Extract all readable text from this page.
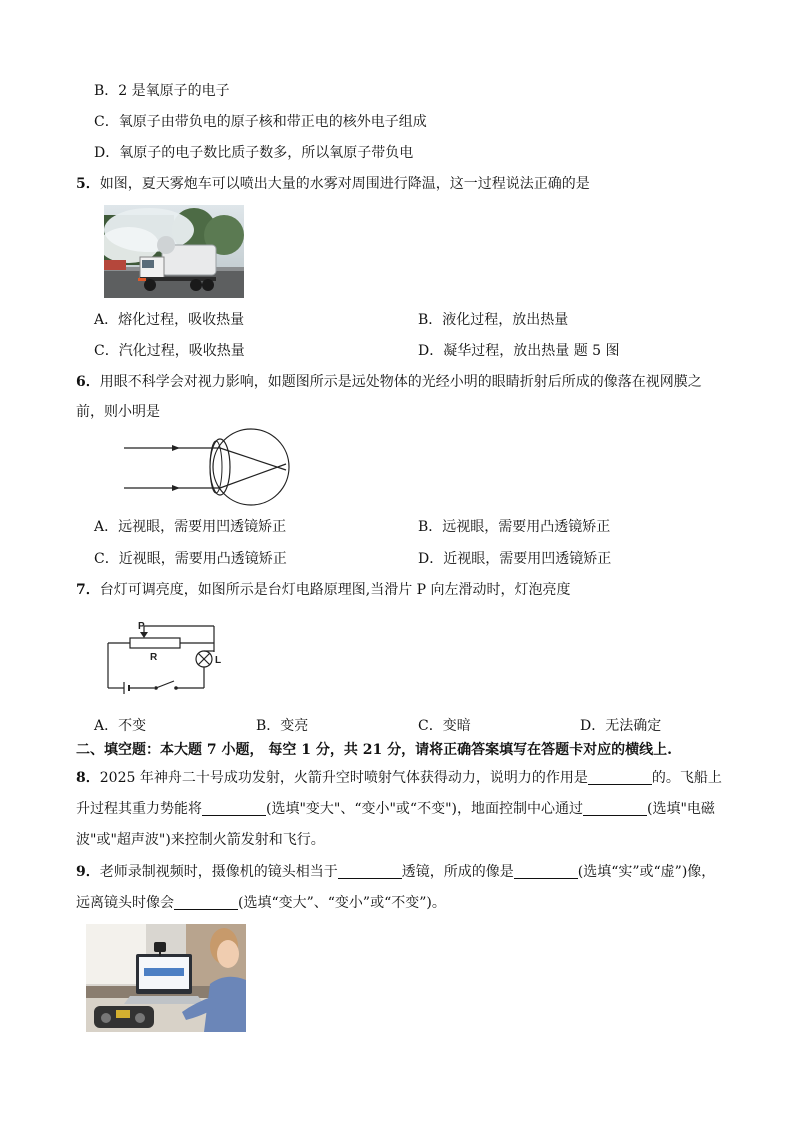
B．2 是氧原子的电子
C．氧原子由带负电的原子核和带正电的核外电子组成
D．氧原子的电子数比质子数多，所以氧原子带负电
5．如图，夏天雾炮车可以喷出大量的水雾对周围进行降温，这一过程说法正确的是
A．熔化过程，吸收热量	B．液化过程，放出热量
C．汽化过程，吸收热量	D．凝华过程，放出热量 题 5 图
6．用眼不科学会对视力影响，如题图所示是远处物体的光经小明的眼睛折射后所成的像落在视网膜之
前，则小明是
A．远视眼，需要用凹透镜矫正	B．远视眼，需要用凸透镜矫正
C．近视眼，需要用凸透镜矫正	D．近视眼，需要用凹透镜矫正
7．台灯可调亮度，如图所示是台灯电路原理图,当滑片 P 向左滑动时，灯泡亮度
P
R	L
A．不变	B．变亮	C．变暗	D．无法确定
二、填空题：本大题 7 小题， 每空 1 分，共 21 分，请将正确答案填写在答题卡对应的横线上.
8．2025 年神舟二十号成功发射，火箭升空时喷射气体获得动力，说明力的作用是	的。飞船上
升过程其重力势能将	(选填"变大"、“变小"或“不变")，地面控制中心通过	(选填"电磁
波"或"超声波")来控制火箭发射和飞行。
9．老师录制视频时，摄像机的镜头相当于	透镜，所成的像是	(选填“实”或“虚”)像，
远离镜头时像会	(选填“变大”、“变小”或“不变”)。
